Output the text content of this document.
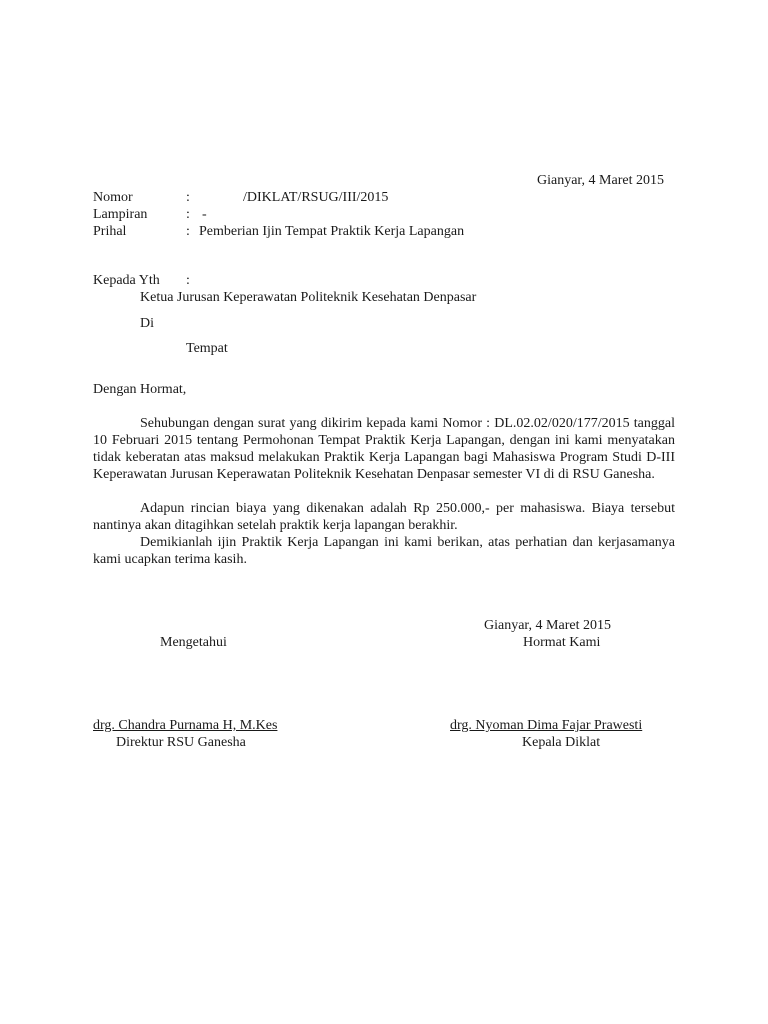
Gianyar, 4 Maret 2015
Nomor	:	/DIKLAT/RSUG/III/2015
Lampiran	: -
Prihal	: Pemberian Ijin Tempat Praktik Kerja Lapangan
Kepada Yth :
Ketua Jurusan Keperawatan Politeknik Kesehatan Denpasar
Di
Tempat
Dengan Hormat,
Sehubungan dengan surat yang dikirim kepada kami Nomor : DL.02.02/020/177/2015 tanggal 10 Februari 2015 tentang Permohonan Tempat Praktik Kerja Lapangan, dengan ini kami menyatakan tidak keberatan atas maksud melakukan Praktik Kerja Lapangan bagi Mahasiswa Program Studi D-III Keperawatan Jurusan Keperawatan Politeknik Kesehatan Denpasar semester VI di di RSU Ganesha.
Adapun rincian biaya yang dikenakan adalah Rp 250.000,- per mahasiswa. Biaya tersebut nantinya akan ditagihkan setelah praktik kerja lapangan berakhir.
Demikianlah ijin Praktik Kerja Lapangan ini kami berikan, atas perhatian dan kerjasamanya kami ucapkan terima kasih.
Gianyar, 4 Maret 2015
Mengetahui	Hormat Kami
drg. Chandra Purnama H, M.Kes
Direktur RSU Ganesha
drg. Nyoman Dima Fajar Prawesti
Kepala Diklat
